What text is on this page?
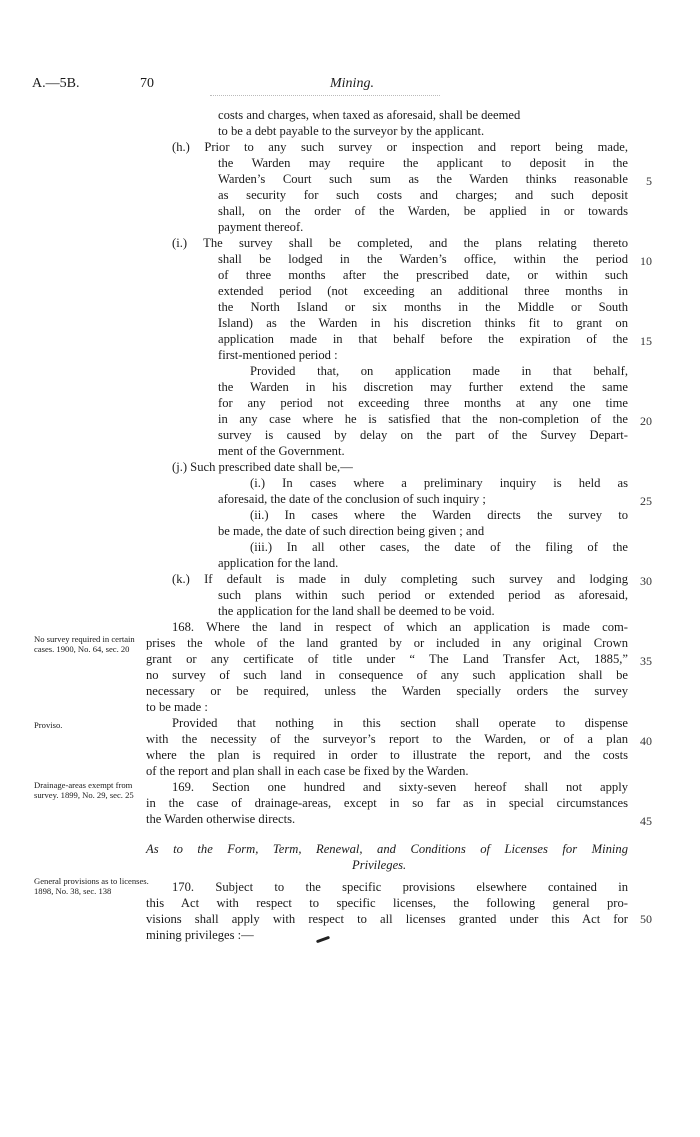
A.—5B.	70	Mining.
costs and charges, when taxed as aforesaid, shall be deemed
to be a debt payable to the surveyor by the applicant.
(h.) Prior to any such survey or inspection and report being made,
the Warden may require the applicant to deposit in the
Warden’s Court such sum as the Warden thinks reasonable
as security for such costs and charges; and such deposit
shall, on the order of the Warden, be applied in or towards
payment thereof.
(i.) The survey shall be completed, and the plans relating thereto
shall be lodged in the Warden’s office, within the period
of three months after the prescribed date, or within such
extended period (not exceeding an additional three months in
the North Island or six months in the Middle or South
Island) as the Warden in his discretion thinks fit to grant on
application made in that behalf before the expiration of the
first-mentioned period :
Provided that, on application made in that behalf,
the Warden in his discretion may further extend the same
for any period not exceeding three months at any one time
in any case where he is satisfied that the non-completion of the
survey is caused by delay on the part of the Survey Depart-
ment of the Government.
(j.) Such prescribed date shall be,—
(i.) In cases where a preliminary inquiry is held as
aforesaid, the date of the conclusion of such inquiry ;
(ii.) In cases where the Warden directs the survey to
be made, the date of such direction being given ; and
(iii.) In all other cases, the date of the filing of the
application for the land.
(k.) If default is made in duly completing such survey and lodging
such plans within such period or extended period as aforesaid,
the application for the land shall be deemed to be void.
168. Where the land in respect of which an application is made com-
prises the whole of the land granted by or included in any original Crown
grant or any certificate of title under “ The Land Transfer Act, 1885,”
no survey of such land in consequence of any such application shall be
necessary or be required, unless the Warden specially orders the survey
to be made :
Provided that nothing in this section shall operate to dispense
with the necessity of the surveyor’s report to the Warden, or of a plan
where the plan is required in order to illustrate the report, and the costs
of the report and plan shall in each case be fixed by the Warden.
169. Section one hundred and sixty-seven hereof shall not apply
in the case of drainage-areas, except in so far as in special circumstances
the Warden otherwise directs.
As to the Form, Term, Renewal, and Conditions of Licenses for Mining
Privileges.
170. Subject to the specific provisions elsewhere contained in
this Act with respect to specific licenses, the following general pro-
visions shall apply with respect to all licenses granted under this Act for
mining privileges :—
5
10
15
20
25
30
35
40
45
50
No survey required in certain cases. 1900, No. 64, sec. 20
Proviso.
Drainage-areas exempt from survey. 1899, No. 29, sec. 25
General provisions as to licenses. 1898, No. 38, sec. 138
